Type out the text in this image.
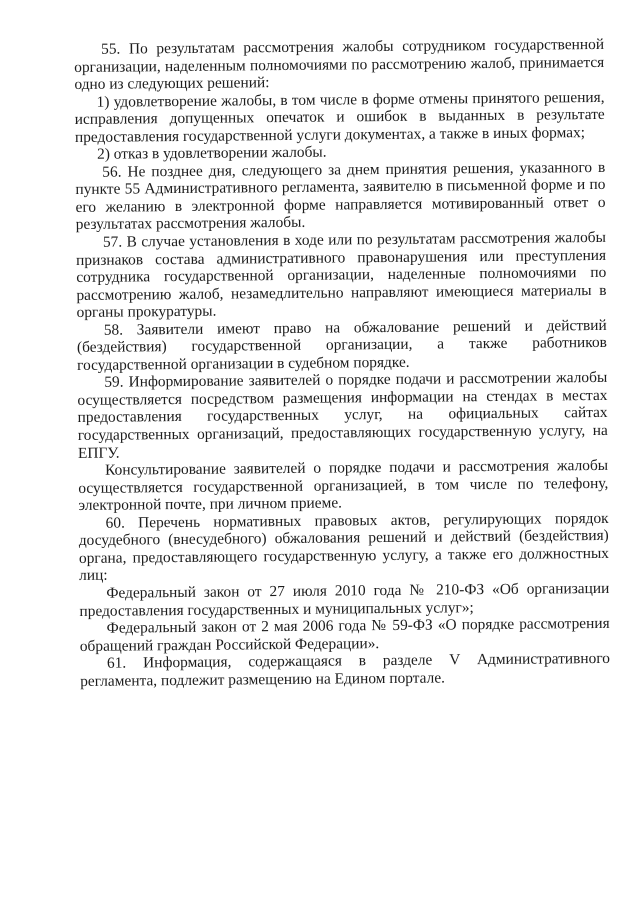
55. По результатам рассмотрения жалобы сотрудником государственной организации, наделенным полномочиями по рассмотрению жалоб, принимается одно из следующих решений:

1) удовлетворение жалобы, в том числе в форме отмены принятого решения, исправления допущенных опечаток и ошибок в выданных в результате предоставления государственной услуги документах, а также в иных формах;

2) отказ в удовлетворении жалобы.

56. Не позднее дня, следующего за днем принятия решения, указанного в пункте 55 Административного регламента, заявителю в письменной форме и по его желанию в электронной форме направляется мотивированный ответ о результатах рассмотрения жалобы.

57. В случае установления в ходе или по результатам рассмотрения жалобы признаков состава административного правонарушения или преступления сотрудника государственной организации, наделенные полномочиями по рассмотрению жалоб, незамедлительно направляют имеющиеся материалы в органы прокуратуры.

58. Заявители имеют право на обжалование решений и действий (бездействия) государственной организации, а также работников государственной организации в судебном порядке.

59. Информирование заявителей о порядке подачи и рассмотрении жалобы осуществляется посредством размещения информации на стендах в местах предоставления государственных услуг, на официальных сайтах государственных организаций, предоставляющих государственную услугу, на ЕПГУ.

Консультирование заявителей о порядке подачи и рассмотрения жалобы осуществляется государственной организацией, в том числе по телефону, электронной почте, при личном приеме.

60. Перечень нормативных правовых актов, регулирующих порядок досудебного (внесудебного) обжалования решений и действий (бездействия) органа, предоставляющего государственную услугу, а также его должностных лиц:

Федеральный закон от 27 июля 2010 года № 210-ФЗ «Об организации предоставления государственных и муниципальных услуг»;

Федеральный закон от 2 мая 2006 года № 59-ФЗ «О порядке рассмотрения обращений граждан Российской Федерации».

61. Информация, содержащаяся в разделе V Административного регламента, подлежит размещению на Едином портале.
